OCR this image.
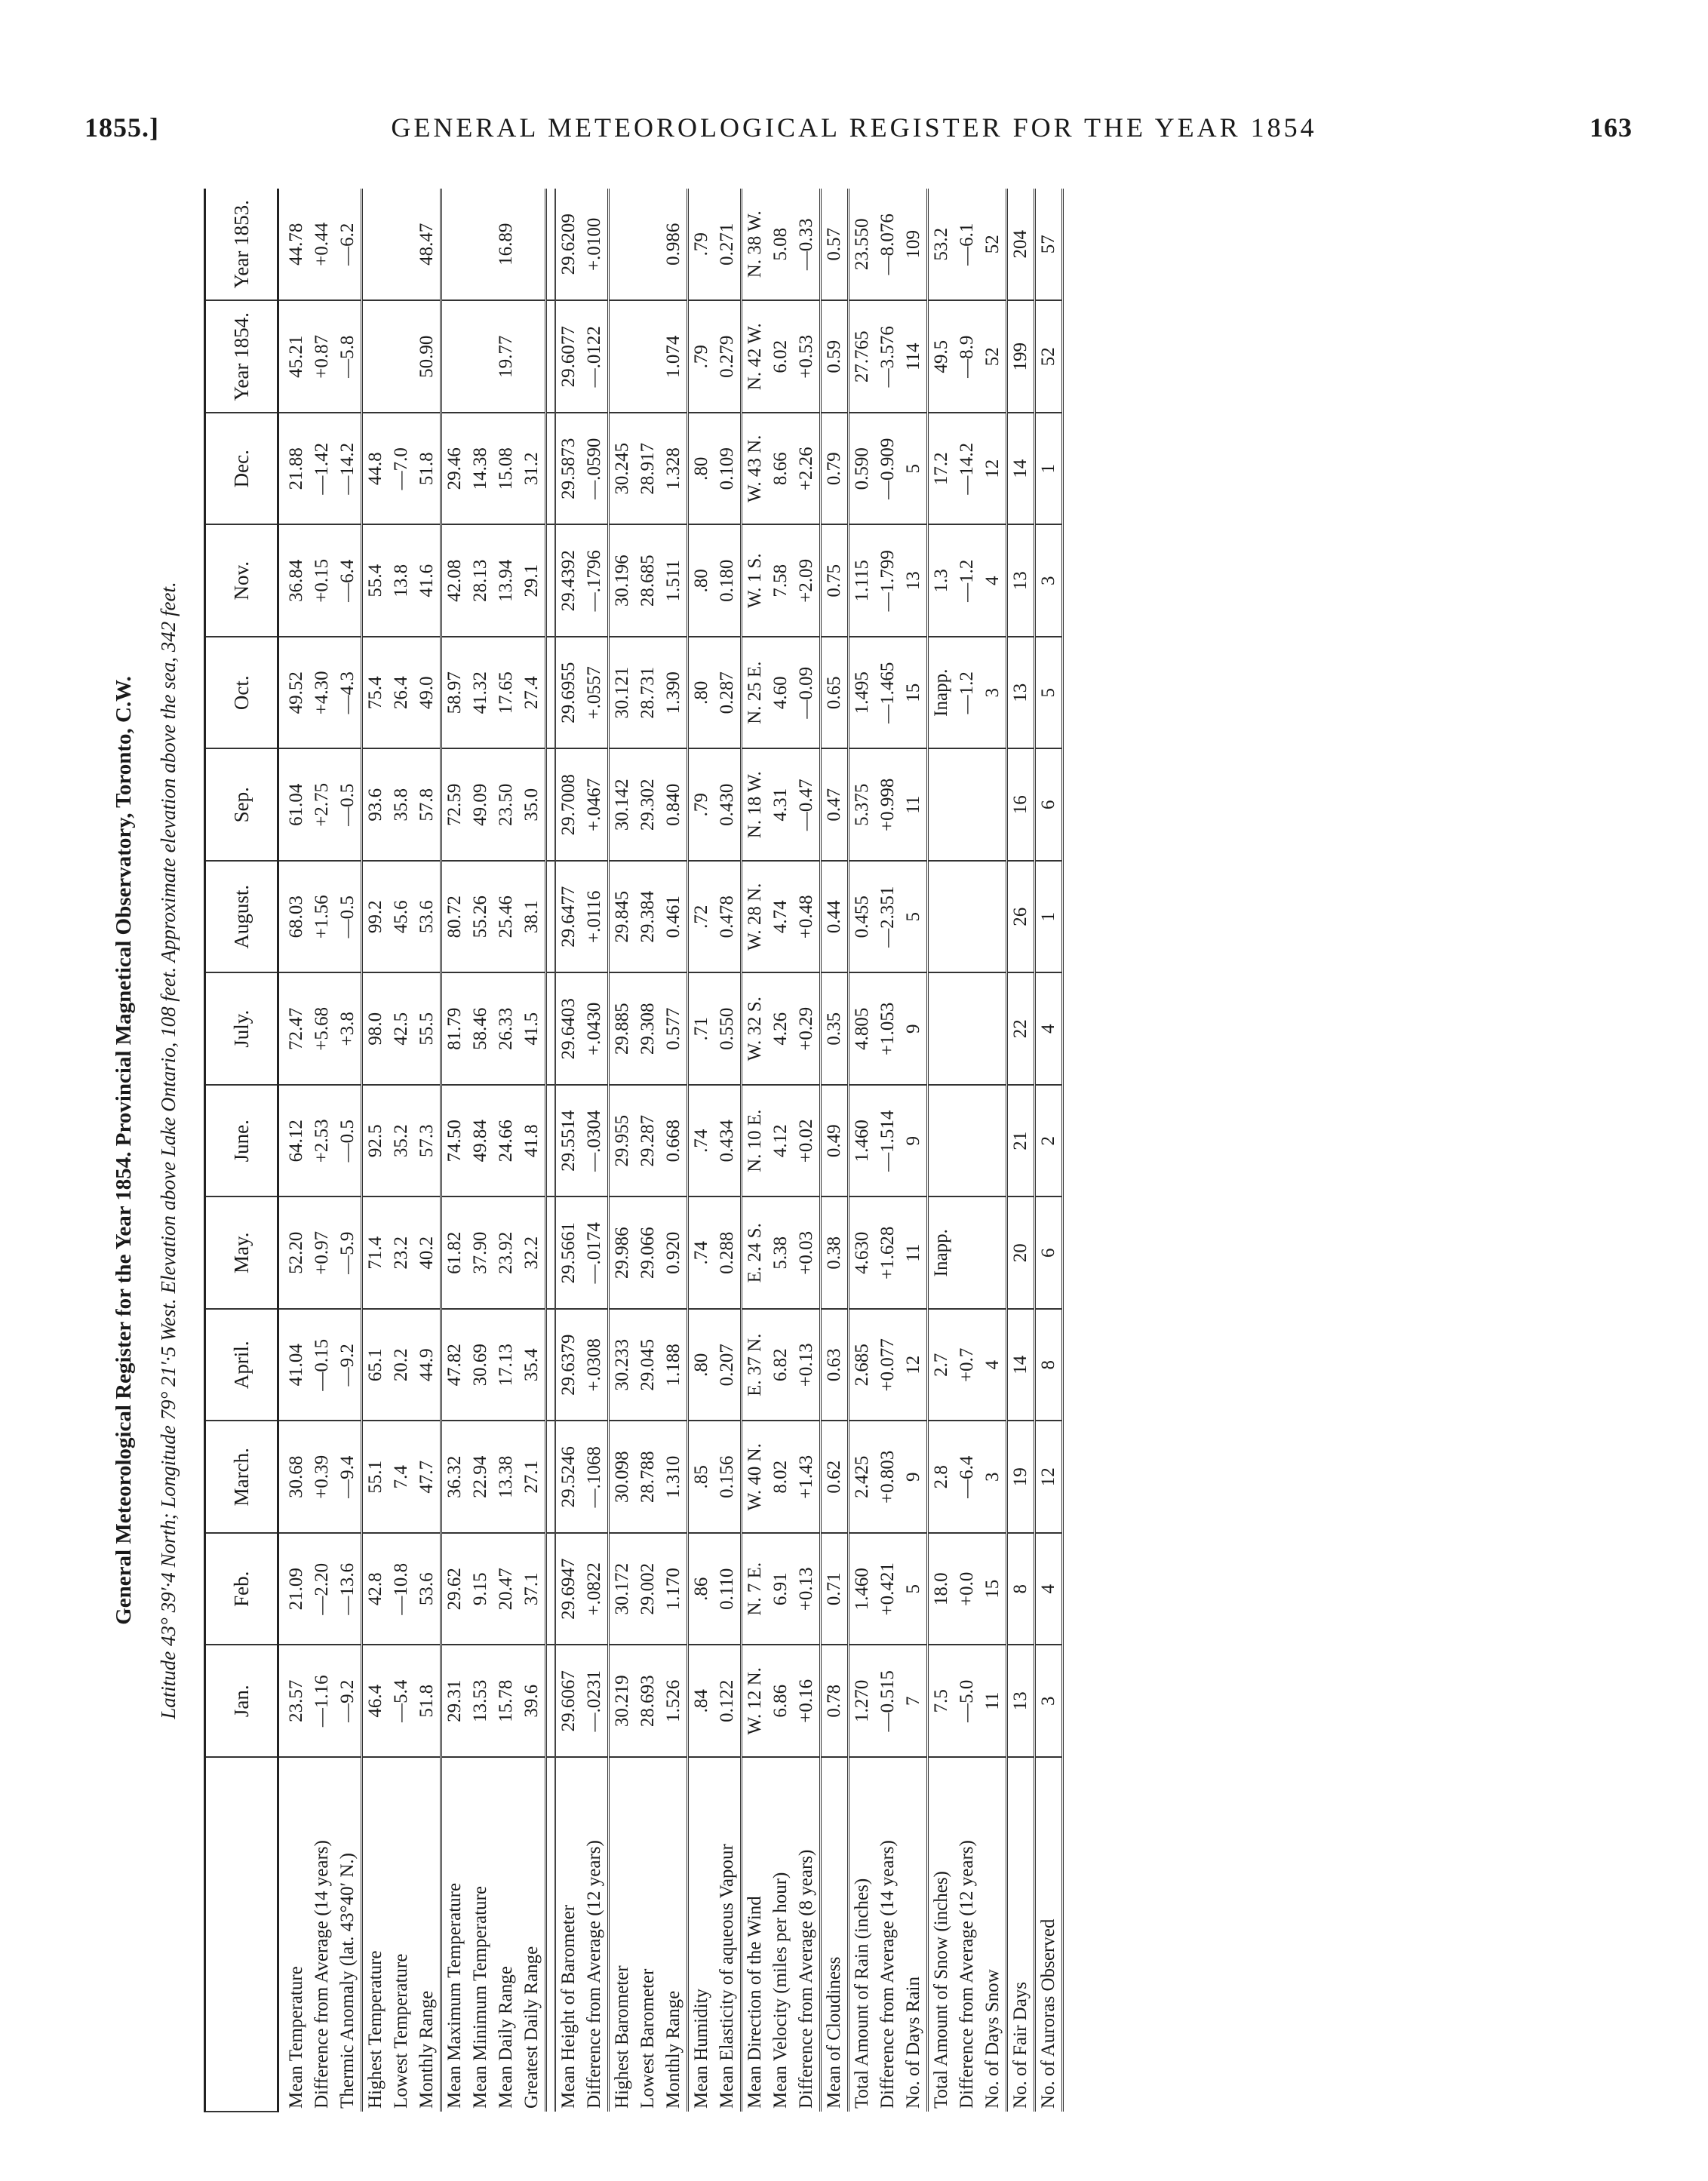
1855.]	GENERAL METEOROLOGICAL REGISTER FOR THE YEAR 1854	163
General Meteorological Register for the Year 1854. Provincial Magnetical Observatory, Toronto, C.W. Latitude 43° 39′·4 North; Longitude 79° 21′·5 West. Elevation above Lake Ontario, 108 feet. Approximate elevation above the sea, 342 feet.
	Jan.	Feb.	March.	April.	May.	June.	July.	August.	Sep.	Oct.	Nov.	Dec.	Year 1854.	Year 1853.
Mean Temperature	23.57	21.09	30.68	41.04	52.20	64.12	72.47	68.03	61.04	49.52	36.84	21.88	45.21	44.78
Difference from Average (14 years)	—1.16	—2.20	+0.39	—0.15	+0.97	+2.53	+5.68	+1.56	+2.75	+4.30	+0.15	—1.42	+0.87	+0.44
Thermic Anomaly (lat. 43°40′ N.)	—9.2	—13.6	—9.4	—9.2	—5.9	—0.5	+3.8	—0.5	—0.5	—4.3	—6.4	—14.2	—5.8	—6.2
Highest Temperature	46.4	42.8	55.1	65.1	71.4	92.5	98.0	99.2	93.6	75.4	55.4	44.8		
Lowest Temperature	—5.4	—10.8	7.4	20.2	23.2	35.2	42.5	45.6	35.8	26.4	13.8	—7.0		
Monthly Range	51.8	53.6	47.7	44.9	40.2	57.3	55.5	53.6	57.8	49.0	41.6	51.8	50.90	48.47
Mean Maximum Temperature	29.31	29.62	36.32	47.82	61.82	74.50	81.79	80.72	72.59	58.97	42.08	29.46		
Mean Minimum Temperature	13.53	9.15	22.94	30.69	37.90	49.84	58.46	55.26	49.09	41.32	28.13	14.38		
Mean Daily Range	15.78	20.47	13.38	17.13	23.92	24.66	26.33	25.46	23.50	17.65	13.94	15.08	19.77	16.89
Greatest Daily Range	39.6	37.1	27.1	35.4	32.2	41.8	41.5	38.1	35.0	27.4	29.1	31.2		

Mean Height of Barometer	29.6067	29.6947	29.5246	29.6379	29.5661	29.5514	29.6403	29.6477	29.7008	29.6955	29.4392	29.5873	29.6077	29.6209
Difference from Average (12 years)	—.0231	+.0822	—.1068	+.0308	—.0174	—.0304	+.0430	+.0116	+.0467	+.0557	—.1796	—.0590	—.0122	+.0100
Highest Barometer	30.219	30.172	30.098	30.233	29.986	29.955	29.885	29.845	30.142	30.121	30.196	30.245		
Lowest Barometer	28.693	29.002	28.788	29.045	29.066	29.287	29.308	29.384	29.302	28.731	28.685	28.917		
Monthly Range	1.526	1.170	1.310	1.188	0.920	0.668	0.577	0.461	0.840	1.390	1.511	1.328	1.074	0.986
Mean Humidity	.84	.86	.85	.80	.74	.74	.71	.72	.79	.80	.80	.80	.79	.79
Mean Elasticity of aqueous Vapour	0.122	0.110	0.156	0.207	0.288	0.434	0.550	0.478	0.430	0.287	0.180	0.109	0.279	0.271
Mean Direction of the Wind	W. 12 N.	N. 7 E.	W. 40 N.	E. 37 N.	E. 24 S.	N. 10 E.	W. 32 S.	W. 28 N.	N. 18 W.	N. 25 E.	W. 1 S.	W. 43 N.	N. 42 W.	N. 38 W.
Mean Velocity (miles per hour)	6.86	6.91	8.02	6.82	5.38	4.12	4.26	4.74	4.31	4.60	7.58	8.66	6.02	5.08
Difference from Average (8 years)	+0.16	+0.13	+1.43	+0.13	+0.03	+0.02	+0.29	+0.48	—0.47	—0.09	+2.09	+2.26	+0.53	—0.33
Mean of Cloudiness	0.78	0.71	0.62	0.63	0.38	0.49	0.35	0.44	0.47	0.65	0.75	0.79	0.59	0.57
Total Amount of Rain (inches)	1.270	1.460	2.425	2.685	4.630	1.460	4.805	0.455	5.375	1.495	1.115	0.590	27.765	23.550
Difference from Average (14 years)	—0.515	+0.421	+0.803	+0.077	+1.628	—1.514	+1.053	—2.351	+0.998	—1.465	—1.799	—0.909	—3.576	—8.076
No. of Days Rain	7	5	9	12	11	9	9	5	11	15	13	5	114	109
Total Amount of Snow (inches)	7.5	18.0	2.8	2.7	Inapp.					Inapp.	1.3	17.2	49.5	53.2
Difference from Average (12 years)	—5.0	+0.0	—6.4	+0.7						—1.2	—1.2	—14.2	—8.9	—6.1
No. of Days Snow	11	15	3	4						3	4	12	52	52
No. of Fair Days	13	8	19	14	20	21	22	26	16	13	13	14	199	204
No. of Auroras Observed	3	4	12	8	6	2	4	1	6	5	3	1	52	57
